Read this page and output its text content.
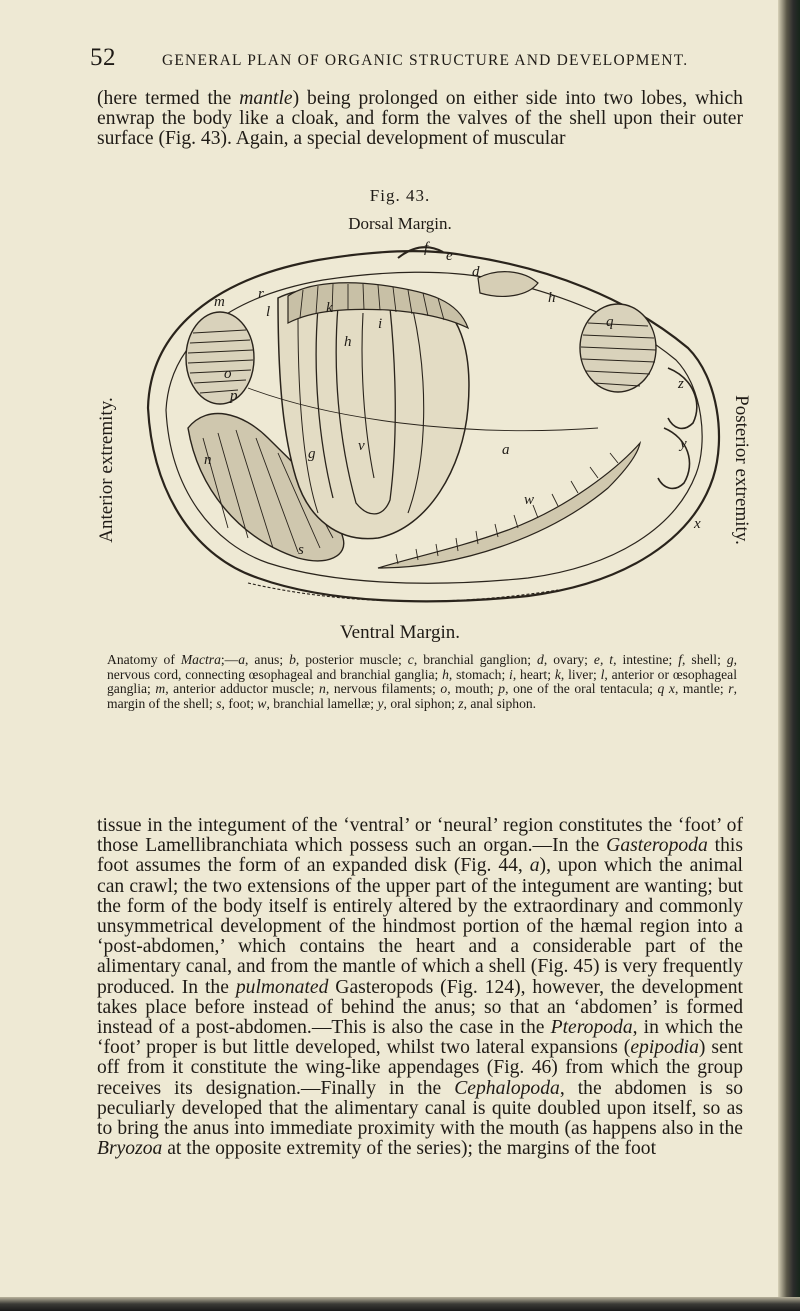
52	GENERAL PLAN OF ORGANIC STRUCTURE AND DEVELOPMENT.
(here termed the mantle) being prolonged on either side into two lobes, which enwrap the body like a cloak, and form the valves of the shell upon their outer surface (Fig. 43). Again, a special development of muscular
Fig. 43.
Dorsal Margin.
Anterior extremity.	Posterior extremity.
f e
d
h
q
m	k
l
i
h
o
p
n	g	v	a
w
z
y
x
s
r
Ventral Margin.
Anatomy of Mactra;—a, anus; b, posterior muscle; c, branchial ganglion; d, ovary; e, t, intestine; f, shell; g, nervous cord, connecting œsophageal and branchial ganglia; h, stomach; i, heart; k, liver; l, anterior or œsophageal ganglia; m, anterior adductor muscle; n, nervous filaments; o, mouth; p, one of the oral tentacula; q x, mantle; r, margin of the shell; s, foot; w, branchial lamellæ; y, oral siphon; z, anal siphon.
tissue in the integument of the ‘ventral’ or ‘neural’ region constitutes the ‘foot’ of those Lamellibranchiata which possess such an organ.—In the Gasteropoda this foot assumes the form of an expanded disk (Fig. 44, a), upon which the animal can crawl; the two extensions of the upper part of the integument are wanting; but the form of the body itself is entirely altered by the extraordinary and commonly unsymmetrical development of the hindmost portion of the hæmal region into a ‘post-abdomen,’ which contains the heart and a considerable part of the alimentary canal, and from the mantle of which a shell (Fig. 45) is very frequently produced. In the pulmonated Gasteropods (Fig. 124), however, the development takes place before instead of behind the anus; so that an ‘abdomen’ is formed instead of a post-abdomen.—This is also the case in the Pteropoda, in which the ‘foot’ proper is but little developed, whilst two lateral expansions (epipodia) sent off from it constitute the wing-like appendages (Fig. 46) from which the group receives its designation.—Finally in the Cephalopoda, the abdomen is so peculiarly developed that the alimentary canal is quite doubled upon itself, so as to bring the anus into immediate proximity with the mouth (as happens also in the Bryozoa at the opposite extremity of the series); the margins of the foot
